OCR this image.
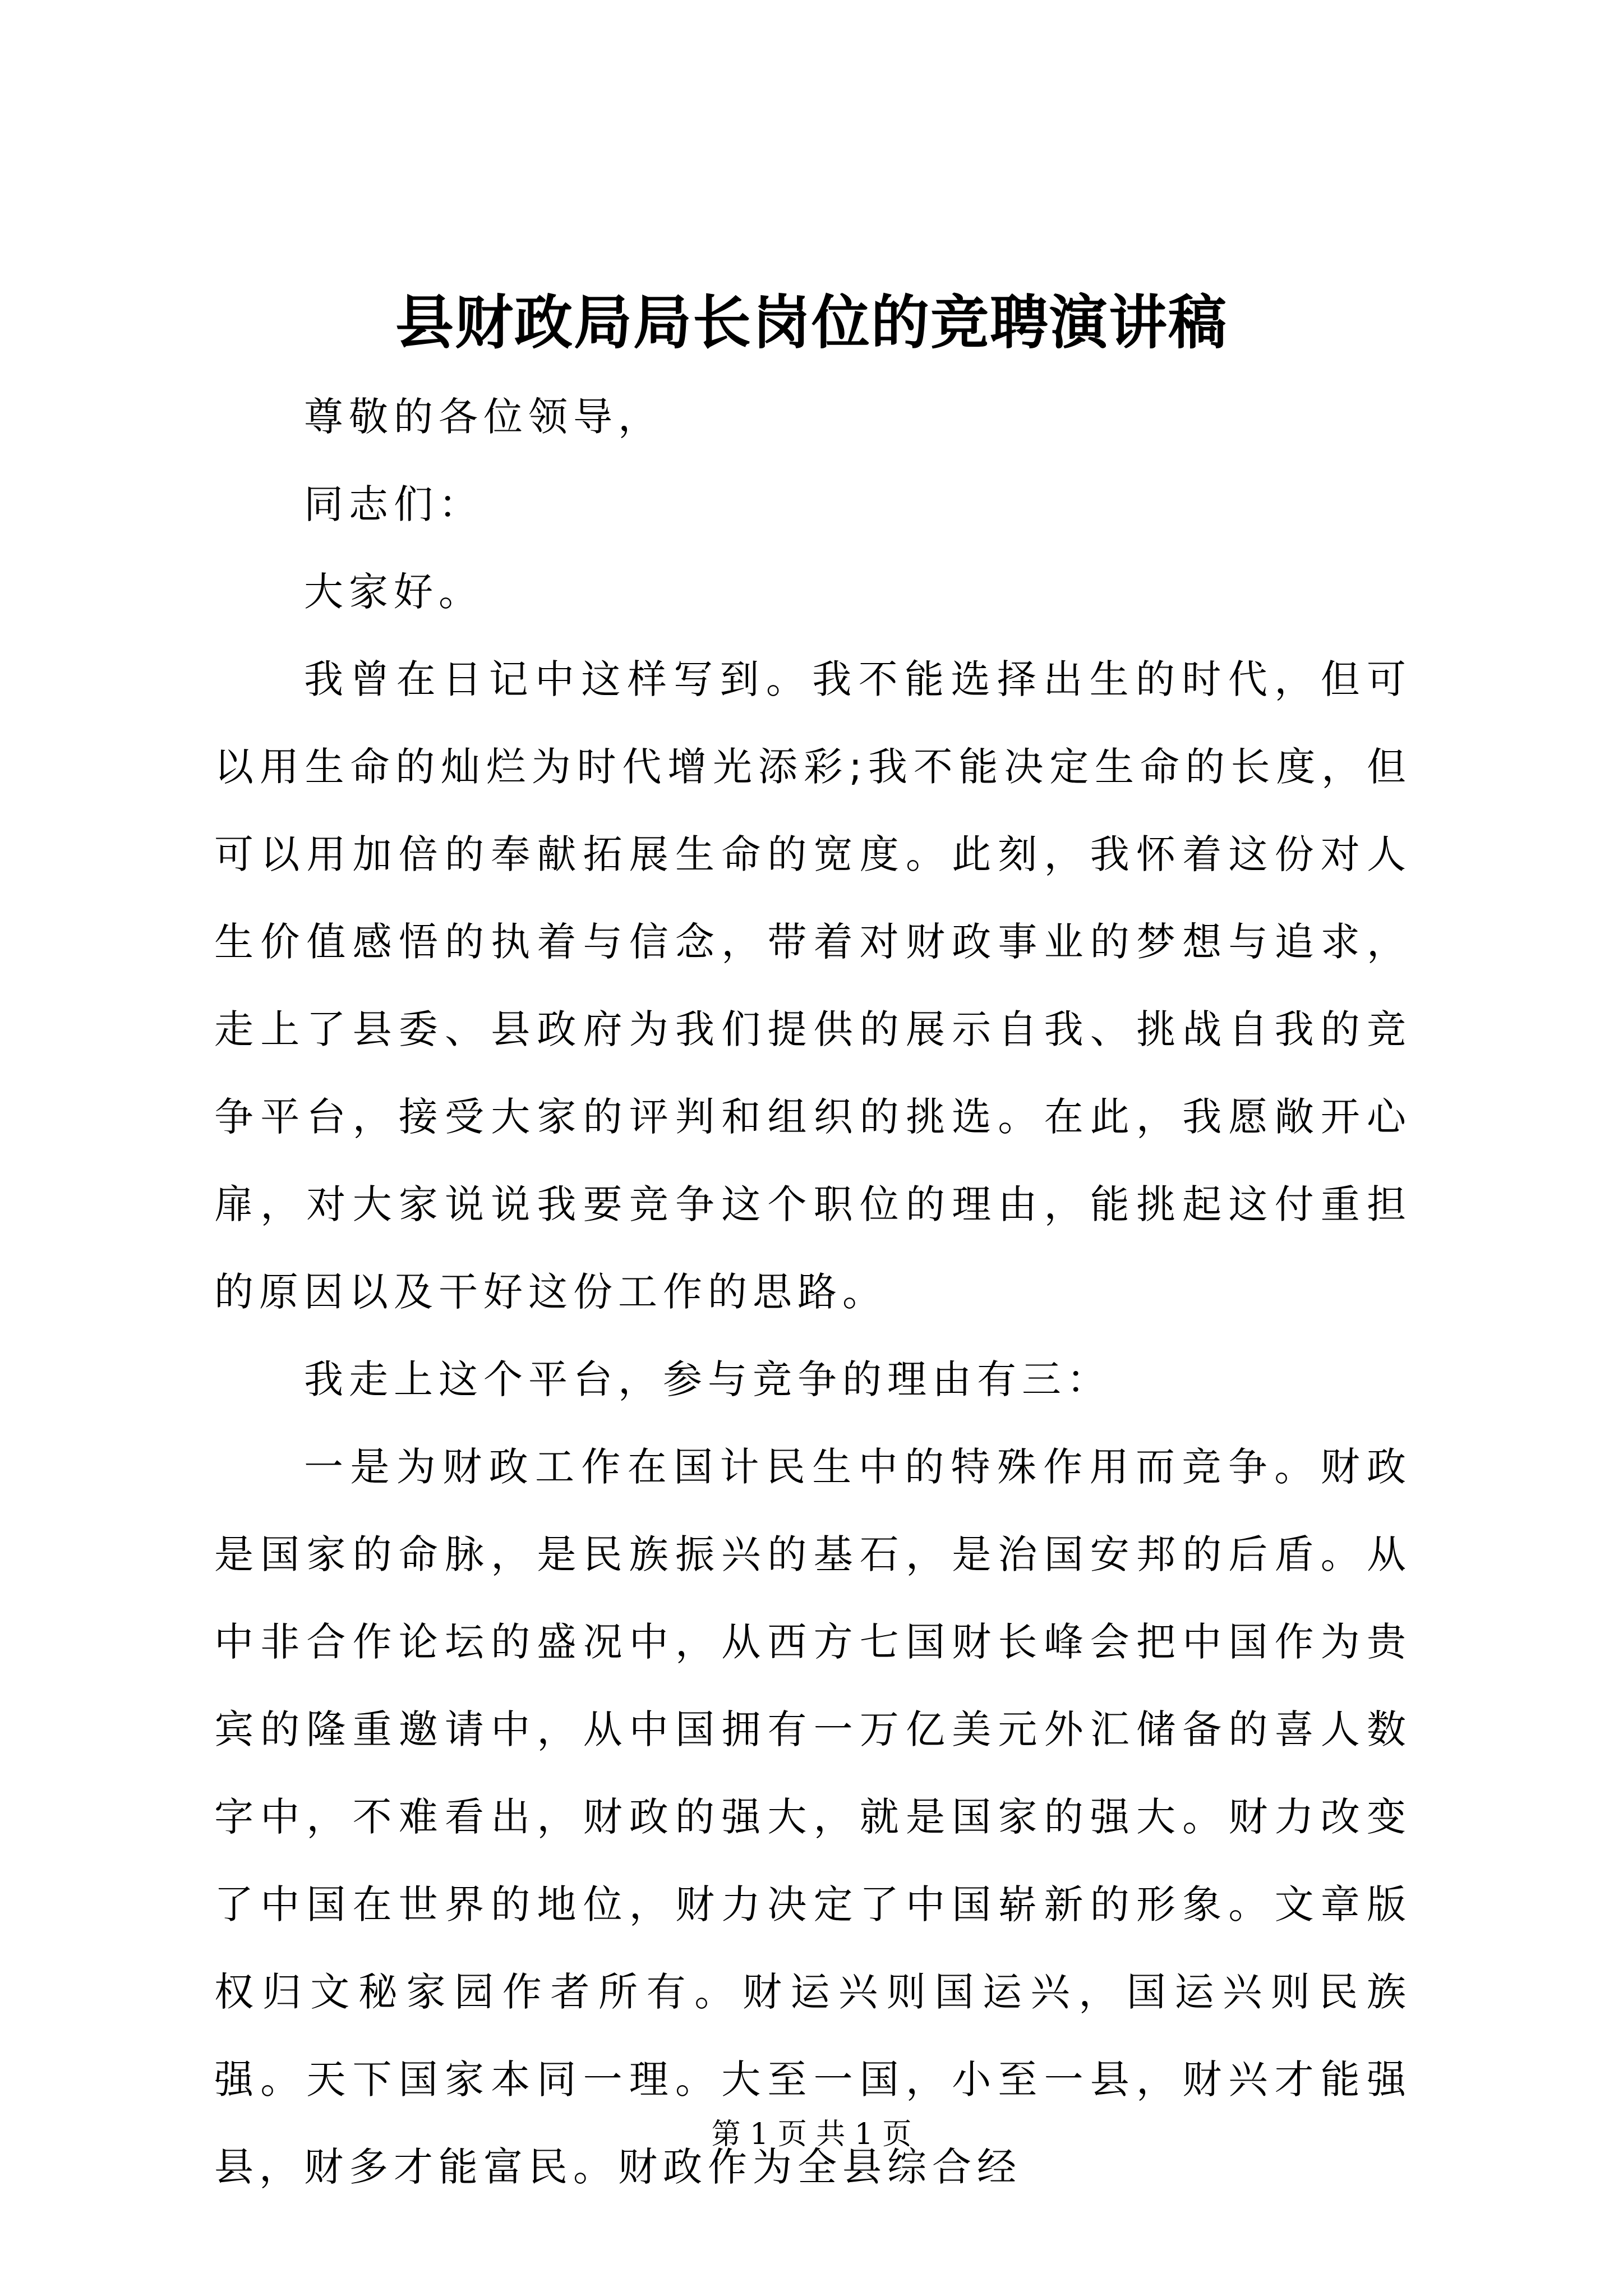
县财政局局长岗位的竞聘演讲稿

尊敬的各位领导，

同志们：

大家好。

我曾在日记中这样写到。我不能选择出生的时代，但可以用生命的灿烂为时代增光添彩;我不能决定生命的长度，但可以用加倍的奉献拓展生命的宽度。此刻，我怀着这份对人生价值感悟的执着与信念，带着对财政事业的梦想与追求，走上了县委、县政府为我们提供的展示自我、挑战自我的竞争平台，接受大家的评判和组织的挑选。在此，我愿敞开心扉，对大家说说我要竞争这个职位的理由，能挑起这付重担的原因以及干好这份工作的思路。

我走上这个平台，参与竞争的理由有三：

一是为财政工作在国计民生中的特殊作用而竞争。财政是国家的命脉，是民族振兴的基石，是治国安邦的后盾。从中非合作论坛的盛况中，从西方七国财长峰会把中国作为贵宾的隆重邀请中，从中国拥有一万亿美元外汇储备的喜人数字中，不难看出，财政的强大，就是国家的强大。财力改变了中国在世界的地位，财力决定了中国崭新的形象。文章版权归文秘家园作者所有。财运兴则国运兴，国运兴则民族强。天下国家本同一理。大至一国，小至一县，财兴才能强县，财多才能富民。财政作为全县综合经

第 1 页 共 1 页
